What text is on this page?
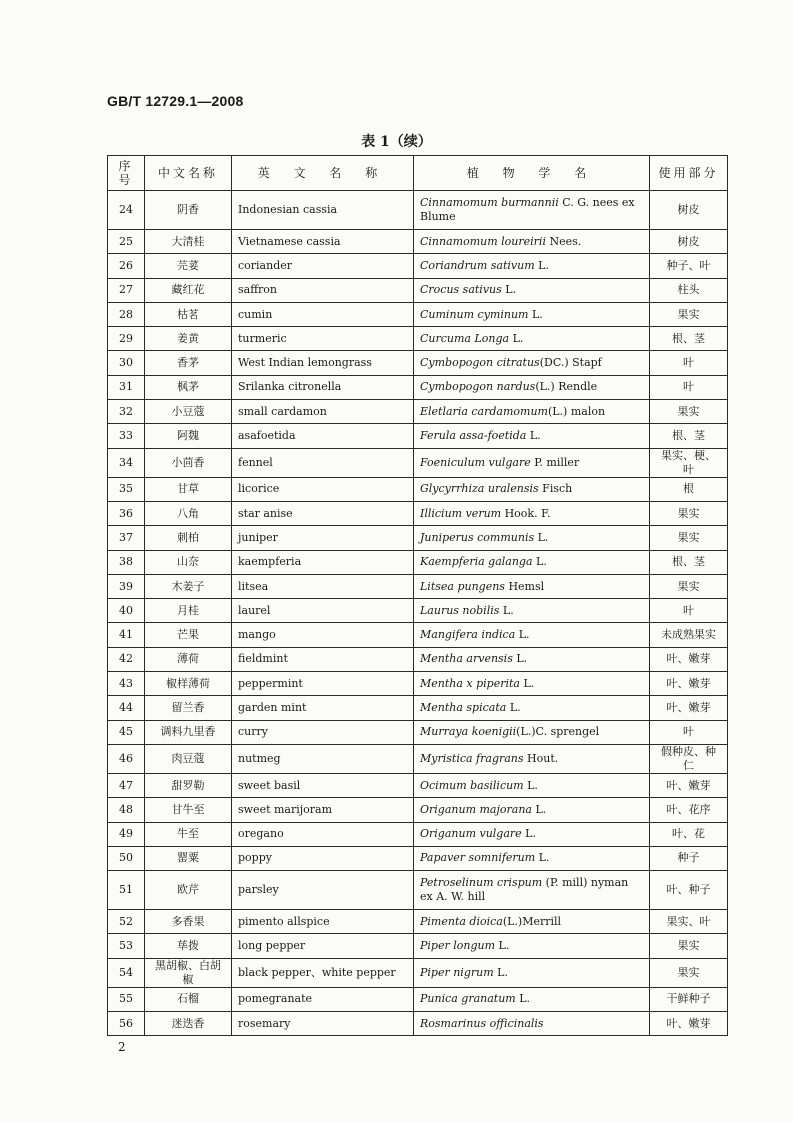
GB/T 12729.1—2008
表 1（续）
序号	中文名称	英 文 名 称	植 物 学 名	使用部分
24	阴香	Indonesian cassia	Cinnamomum burmannii C. G. nees ex Blume	树皮
25	大清桂	Vietnamese cassia	Cinnamomum loureirii Nees.	树皮
26	芫荽	coriander	Coriandrum sativum L.	种子、叶
27	藏红花	saffron	Crocus sativus L.	柱头
28	枯茗	cumin	Cuminum cyminum L.	果实
29	姜黄	turmeric	Curcuma Longa L.	根、茎
30	香茅	West Indian lemongrass	Cymbopogon citratus(DC.) Stapf	叶
31	枫茅	Srilanka citronella	Cymbopogon nardus(L.) Rendle	叶
32	小豆蔻	small cardamon	Eletlaria cardamomum(L.) malon	果实
33	阿魏	asafoetida	Ferula assa-foetida L.	根、茎
34	小茴香	fennel	Foeniculum vulgare P. miller	果实、梗、叶
35	甘草	licorice	Glycyrrhiza uralensis Fisch	根
36	八角	star anise	Illicium verum Hook. F.	果实
37	刺柏	juniper	Juniperus communis L.	果实
38	山奈	kaempferia	Kaempferia galanga L.	根、茎
39	木姜子	litsea	Litsea pungens Hemsl	果实
40	月桂	laurel	Laurus nobilis L.	叶
41	芒果	mango	Mangifera indica L.	未成熟果实
42	薄荷	fieldmint	Mentha arvensis L.	叶、嫩芽
43	椒样薄荷	peppermint	Mentha x piperita L.	叶、嫩芽
44	留兰香	garden mint	Mentha spicata L.	叶、嫩芽
45	调料九里香	curry	Murraya koenigii(L.)C. sprengel	叶
46	肉豆蔻	nutmeg	Myristica fragrans Hout.	假种皮、种仁
47	甜罗勒	sweet basil	Ocimum basilicum L.	叶、嫩芽
48	甘牛至	sweet marijoram	Origanum majorana L.	叶、花序
49	牛至	oregano	Origanum vulgare L.	叶、花
50	罂粟	poppy	Papaver somniferum L.	种子
51	欧芹	parsley	Petroselinum crispum (P. mill) nyman ex A. W. hill	叶、种子
52	多香果	pimento allspice	Pimenta dioica(L.)Merrill	果实、叶
53	荜拨	long pepper	Piper longum L.	果实
54	黑胡椒、白胡椒	black pepper、white pepper	Piper nigrum L.	果实
55	石榴	pomegranate	Punica granatum L.	干鲜种子
56	迷迭香	rosemary	Rosmarinus officinalis	叶、嫩芽
2
